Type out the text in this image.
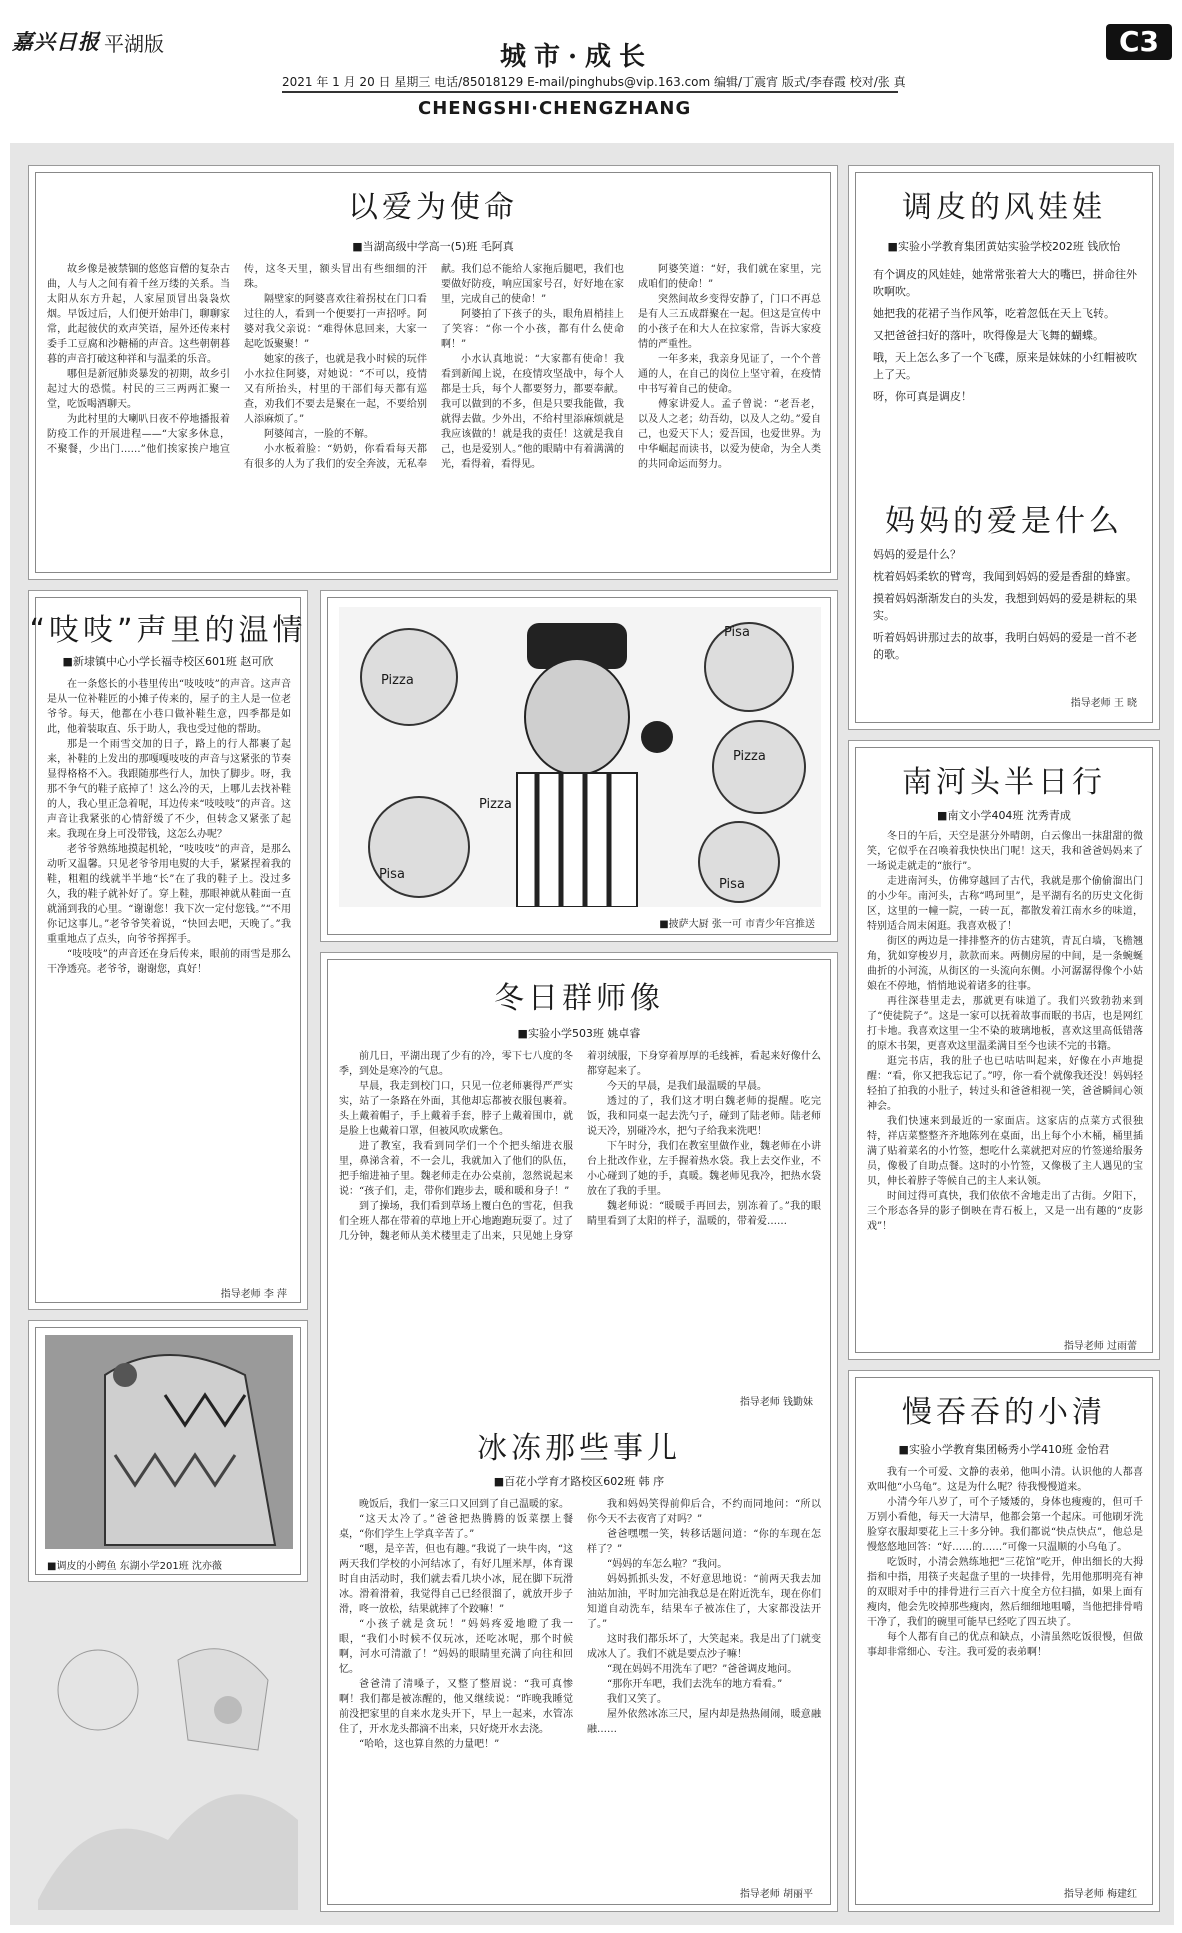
嘉兴日报 平湖版	城市·成长	C3
2021 年 1 月 20 日 星期三 电话/85018129 E-mail/pinghubs@vip.163.com 编辑/丁震宵 版式/李春霞 校对/张 真
CHENGSHI·CHENGZHANG
以爱为使命
■当湖高级中学高一(5)班 毛阿真

故乡像是被禁锢的悠悠盲僧的复杂古曲，人与人之间有着千丝万缕的关系。当太阳从东方升起，人家屋顶冒出袅袅炊烟。早饭过后，人们便开始串门，聊聊家常，此起彼伏的欢声笑语，屋外还传来村委手工豆腐和沙糖桶的声音。这些朝朝暮暮的声音打破这种祥和与温柔的乐音。

哪但是新冠肺炎暴发的初期，故乡引起过大的恐慌。村民的三三两两汇聚一堂，吃饭喝酒聊天。

为此村里的大喇叭日夜不停地播报着防疫工作的开展进程——“大家多休息，不聚餐，少出门……”他们挨家挨户地宣传，这冬天里，额头冒出有些细细的汗珠。

隔壁家的阿婆喜欢往着拐杖在门口看过往的人，看到一个便要打一声招呼。阿婆对我父亲说：“难得休息回来，大家一起吃饭聚聚！”

她家的孩子，也就是我小时候的玩伴小水拉住阿婆，对她说：“不可以，疫情又有所抬头，村里的干部们每天都有巡查，劝我们不要去是聚在一起，不要给别人添麻烦了。”

阿婆闻言，一脸的不解。

小水板着脸：“奶奶，你看看每天都有很多的人为了我们的安全奔波，无私奉献。我们总不能给人家拖后腿吧，我们也要做好防疫，响应国家号召，好好地在家里，完成自己的使命！”

阿婆拍了下孩子的头，眼角眉梢挂上了笑容：“你一个小孩，都有什么使命啊！”

小水认真地说：“大家都有使命！我看到新闻上说，在疫情攻坚战中，每个人都是士兵，每个人都要努力，都要奉献。我可以做到的不多，但是只要我能做，我就得去做。少外出，不给村里添麻烦就是我应该做的！就是我的责任！这就是我自己，也是爱别人。”他的眼睛中有着满满的光，看得着，看得见。

阿婆笑道：“好，我们就在家里，完成咱们的使命！”

突然间故乡变得安静了，门口不再总是有人三五成群聚在一起。但这是宣传中的小孩子在和大人在拉家常，告诉大家疫情的严重性。

一年多来，我亲身见证了，一个个普通的人，在自己的岗位上坚守着，在疫情中书写着自己的使命。

傅家讲爱人。孟子曾说：“老吾老，以及人之老；幼吾幼，以及人之幼。”爱自己，也爱天下人；爱吾国，也爱世界。为中华崛起而读书，以爱为使命，为全人类的共同命运而努力。

调皮的风娃娃
■实验小学教育集团黄姑实验学校202班 钱欣怡

有个调皮的风娃娃，她常常张着大大的嘴巴，拼命往外吹啊吹。

她把我的花裙子当作风筝，吃着忽低在天上飞转。

又把爸爸扫好的落叶，吹得像是大飞舞的蝴蝶。

哦，天上怎么多了一个飞碟，原来是妹妹的小红帽被吹上了天。

呀，你可真是调皮！

妈妈的爱是什么

妈妈的爱是什么？

枕着妈妈柔软的臂弯，我闻到妈妈的爱是香甜的蜂蜜。

摸着妈妈渐渐发白的头发，我想到妈妈的爱是耕耘的果实。

听着妈妈讲那过去的故事，我明白妈妈的爱是一首不老的歌。

指导老师 王 晓
“吱吱”声里的温情
■新埭镇中心小学长福寺校区601班 赵可欣

在一条悠长的小巷里传出“吱吱吱”的声音。这声音是从一位补鞋匠的小摊子传来的，屋子的主人是一位老爷爷。每天，他都在小巷口做补鞋生意，四季都是如此，他着装取直、乐于助人，我也受过他的帮助。

那是一个雨雪交加的日子，路上的行人都裹了起来，补鞋的上发出的那嘎嘎吱吱的声音与这紧张的节奏显得格格不入。我跟随那些行人，加快了脚步。呀，我那不争气的鞋子底掉了！这么冷的天，上哪儿去找补鞋的人，我心里正急着呢，耳边传来“吱吱吱”的声音。这声音让我紧张的心情舒缓了不少，但转念又紧张了起来。我现在身上可没带钱，这怎么办呢？

老爷爷熟练地摸起机轮，“吱吱吱”的声音，是那么动听又温馨。只见老爷爷用电熨的大手，紧紧捏着我的鞋，粗粗的线就半半地“长”在了我的鞋子上。没过多久，我的鞋子就补好了。穿上鞋，那眼神就从鞋面一直就涌到我的心里。“谢谢您！我下次一定付您钱。”“不用你记这事儿。”老爷爷笑着说，“快回去吧，天晚了。”我重重地点了点头，向爷爷挥挥手。

“吱吱吱”的声音还在身后传来，眼前的雨雪是那么干净透亮。老爷爷，谢谢您，真好！

指导老师 李 萍
Pizza
Pisa
Pizza
Pisa
Pizza
Pisa
■披萨大厨 张一可 市青少年宫推送
南河头半日行
■南文小学404班 沈秀青成

冬日的午后，天空是湛分外晴朗，白云像出一抹甜甜的微笑，它似乎在召唤着我快快出门呢！这天，我和爸爸妈妈来了一场说走就走的“旅行”。

走进南河头，仿佛穿越回了古代，我就是那个偷偷溜出门的小少年。南河头，古称“鸣珂里”，是平湖有名的历史文化街区，这里的一幢一院，一砖一瓦，都散发着江南水乡的味道，特别适合周末闲逛。我喜欢极了！

街区的两边是一排排整齐的仿古建筑，青瓦白墙，飞檐翘角，犹如穿梭岁月，款款而来。两侧房屋的中间，是一条蜿蜒曲折的小河流，从街区的一头流向东侧。小河潺潺得像个小姑娘在不停地，悄悄地说着诸多的往事。

再往深巷里走去，那就更有味道了。我们兴致勃勃来到了“使徒院子”。这是一家可以抚着故事而眠的书店，也是网红打卡地。我喜欢这里一尘不染的玻璃地板，喜欢这里高低错落的原木书架，更喜欢这里温柔满目至今也读不完的书籍。

逛完书店，我的肚子也已咕咕叫起来，好像在小声地提醒：“看，你又把我忘记了。”哼，你一看个就像我还没！妈妈轻轻拍了拍我的小肚子，转过头和爸爸相视一笑，爸爸瞬间心领神会。

我们快速来到最近的一家面店。这家店的点菜方式很独特，祥店菜整整齐齐地陈列在桌面，出上每个小木桶，桶里插满了贴着菜名的小竹签，想吃什么菜就把对应的竹签递给服务员，像极了自助点餐。这时的小竹签，又像极了主人遇见的宝贝，伸长着脖子等候自己的主人来认领。

时间过得可真快，我们依依不舍地走出了古街。夕阳下，三个形态各异的影子倒映在青石板上，又是一出有趣的“皮影戏”！

指导老师 过雨蕾
冬日群师像
■实验小学503班 姚卓睿

前几日，平湖出现了少有的冷，零下七八度的冬季，到处是寒冷的气息。

早晨，我走到校门口，只见一位老师裹得严严实实，站了一条路在外面，其他却忘都被衣服包裹着。头上戴着帽子，手上戴着手套，脖子上戴着围巾，就是脸上也戴着口罩，但被风吹成紫色。

进了教室，我看到同学们一个个把头缩进衣服里，鼻涕含着，不一会儿，我就加入了他们的队伍，把手缩进袖子里。魏老师走在办公桌前，忽然说起来说：“孩子们，走，带你们跑步去，暖和暖和身子！”

到了操场，我们看到草场上覆白色的雪花，但我们全班人都在带着的草地上开心地跑跑玩耍了。过了几分钟，魏老师从美术楼里走了出来，只见她上身穿着羽绒服，下身穿着厚厚的毛线裤，看起来好像什么都穿起来了。

今天的早晨，是我们最温暖的早晨。

透过的了，我们这才明白魏老师的提醒。吃完饭，我和同桌一起去洗勺子，碰到了陆老师。陆老师说天冷，别碰冷水，把勺子给我来洗吧！

下午时分，我们在教室里做作业，魏老师在小讲台上批改作业，左手握着热水袋。我上去交作业，不小心碰到了她的手，真暖。魏老师见我冷，把热水袋放在了我的手里。

魏老师说：“暖暖手再回去，别冻着了。”我的眼睛里看到了太阳的样子，温暖的，带着爱……

指导老师 钱勤妹
冰冻那些事儿
■百花小学育才路校区602班 韩 序

晚饭后，我们一家三口又回到了自己温暖的家。

“这天太冷了。”爸爸把热腾腾的饭菜摆上餐桌，“你们学生上学真辛苦了。”

“嗯，是辛苦，但也有趣。”我说了一块牛肉，“这两天我们学校的小河结冰了，有好几厘米厚，体育课时自由活动时，我们就去看几块小冰，屁在脚下玩滑冰。滑着滑着，我觉得自己已经很溜了，就放开步子滑，咚一放松，结果就摔了个跤嘛！”

“小孩子就是贪玩！”妈妈疼爱地瞪了我一眼，“我们小时候不仅玩冰，还吃冰呢，那个时候啊，河水可清澈了！”妈妈的眼睛里充满了向往和回忆。

爸爸清了清嗓子，又整了整眉说：“我可真惨啊！我们都是被冻醒的，他又继续说：“昨晚我睡觉前没把家里的自来水龙头开下，早上一起来，水管冻住了，开水龙头都滴不出来，只好烧开水去浇。

“哈哈，这也算自然的力量吧！”

我和妈妈笑得前仰后合，不约而同地问：“所以你今天不去夜宵了对吗？”

爸爸嘿嘿一笑，转移话题问道：“你的车现在怎样了？”

“妈妈的车怎么啦？”我问。

妈妈抓抓头发，不好意思地说：“前两天我去加油站加油，平时加完油我总是在附近洗车，现在你们知道自动洗车，结果车子被冻住了，大家都没法开了。”

这时我们都乐坏了，大笑起来。我是出了门就变成冰人了。我们不就是要点沙子嘛！

“现在妈妈不用洗车了吧？”爸爸调皮地问。

“那你开车吧，我们去洗车的地方看看。”

我们又笑了。

屋外依然冰冻三尺，屋内却是热热闹闹，暖意融融……

指导老师 胡丽平
■调皮的小鳄鱼 东湖小学201班 沈亦薇
慢吞吞的小清
■实验小学教育集团畅秀小学410班 金怡君

我有一个可爱、文静的表弟，他叫小清。认识他的人都喜欢叫他“小乌龟”。这是为什么呢？待我慢慢道来。

小清今年八岁了，可个子矮矮的，身体也瘦瘦的，但可千万别小看他，每天一大清早，他都会第一个起床。可他刷牙洗脸穿衣服却要花上三十多分钟。我们都说“快点快点”，他总是慢悠悠地回答：“好……的……”可像一只温顺的小乌龟了。

吃饭时，小清会熟练地把“三花馆”吃开，伸出细长的大拇指和中指，用筷子夹起盘子里的一块排骨，先用他那明亮有神的双眼对手中的排骨进行三百六十度全方位扫描，如果上面有瘦肉，他会先咬掉那些瘦肉，然后细细地咀嚼，当他把排骨啃干净了，我们的碗里可能早已经吃了四五块了。

每个人都有自己的优点和缺点，小清虽然吃饭很慢，但做事却非常细心、专注。我可爱的表弟啊！

指导老师 梅建红
